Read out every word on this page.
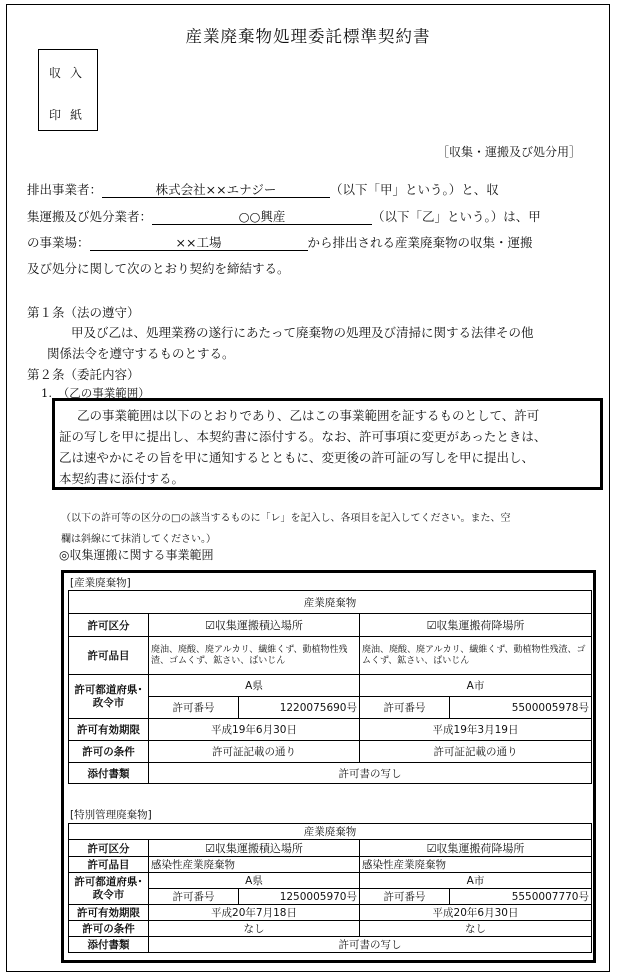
産業廃棄物処理委託標準契約書
収入
印紙
［収集・運搬及び処分用］
排出事業者：	株式会社××エナジー	（以下「甲」という。）と、収
集運搬及び処分業者：	○○興産	（以下「乙」という。）は、甲
の事業場：	××工場	から排出される産業廃棄物の収集・運搬
及び処分に関して次のとおり契約を締結する。
第１条（法の遵守）
甲及び乙は、処理業務の遂行にあたって廃棄物の処理及び清掃に関する法律その他
関係法令を遵守するものとする。
第２条（委託内容）
1.　（乙の事業範囲）
乙の事業範囲は以下のとおりであり、乙はこの事業範囲を証するものとして、許可
証の写しを甲に提出し、本契約書に添付する。なお、許可事項に変更があったときは、
乙は速やかにその旨を甲に通知するとともに、変更後の許可証の写しを甲に提出し、
本契約書に添付する。
（以下の許可等の区分の□の該当するものに「レ」を記入し、各項目を記入してください。また、空
欄は斜線にて抹消してください。）
◎収集運搬に関する事業範囲
[産業廃棄物]
産業廃棄物				
許可区分	☑収集運搬積込場所		☑収集運搬荷降場所	
許可品目	廃油、廃酸、廃アルカリ、繊維くず、動植物性残渣、ゴムくず、鉱さい、ばいじん		廃油、廃酸、廃アルカリ、繊維くず、動植物性残渣、ゴムくず、鉱さい、ばいじん	
許可都道府県･政令市	A県		A市	
	許可番号	1220075690号	許可番号	5500005978号
許可有効期限	平成19年6月30日		平成19年3月19日	
許可の条件	許可証記載の通り		許可証記載の通り	
添付書類	許可書の写し			
[特別管理廃棄物]
産業廃棄物				
許可区分	☑収集運搬積込場所		☑収集運搬荷降場所	
許可品目	感染性産業廃棄物		感染性産業廃棄物	
許可都道府県･政令市	A県		A市	
	許可番号	1250005970号	許可番号	5550007770号
許可有効期限	平成20年7月18日		平成20年6月30日	
許可の条件	なし		なし	
添付書類	許可書の写し			
